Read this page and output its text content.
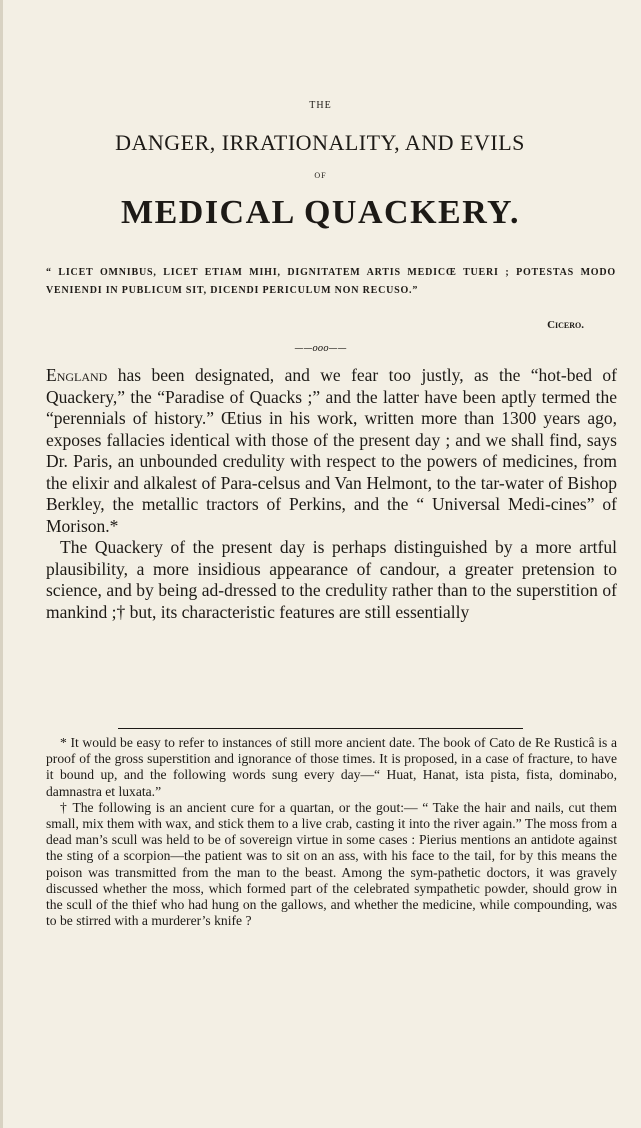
THE
DANGER, IRRATIONALITY, AND EVILS
OF
MEDICAL QUACKERY.
“ LICET OMNIBUS, LICET ETIAM MIHI, DIGNITATEM ARTIS MEDICŒ TUERI ; POTESTAS MODO VENIENDI IN PUBLICUM SIT, DICENDI PERICULUM NON RECUSO.”
Cicero.
——ooo——

England has been designated, and we fear too justly, as the “hot-bed of Quackery,” the “Paradise of Quacks ;” and the latter have been aptly termed the “perennials of history.” Œtius in his work, written more than 1300 years ago, exposes fallacies identical with those of the present day ; and we shall find, says Dr. Paris, an unbounded credulity with respect to the powers of medicines, from the elixir and alkalest of Para-celsus and Van Helmont, to the tar-water of Bishop Berkley, the metallic tractors of Perkins, and the “ Universal Medi-cines” of Morison.*

The Quackery of the present day is perhaps distinguished by a more artful plausibility, a more insidious appearance of candour, a greater pretension to science, and by being ad-dressed to the credulity rather than to the superstition of mankind ;† but, its characteristic features are still essentially

* It would be easy to refer to instances of still more ancient date. The book of Cato de Re Rusticâ is a proof of the gross superstition and ignorance of those times. It is proposed, in a case of fracture, to have it bound up, and the following words sung every day—“ Huat, Hanat, ista pista, fista, dominabo, damnastra et luxata.”

† The following is an ancient cure for a quartan, or the gout:— “ Take the hair and nails, cut them small, mix them with wax, and stick them to a live crab, casting it into the river again.” The moss from a dead man’s scull was held to be of sovereign virtue in some cases : Pierius mentions an antidote against the sting of a scorpion—the patient was to sit on an ass, with his face to the tail, for by this means the poison was transmitted from the man to the beast. Among the sym-pathetic doctors, it was gravely discussed whether the moss, which formed part of the celebrated sympathetic powder, should grow in the scull of the thief who had hung on the gallows, and whether the medicine, while compounding, was to be stirred with a murderer’s knife ?
